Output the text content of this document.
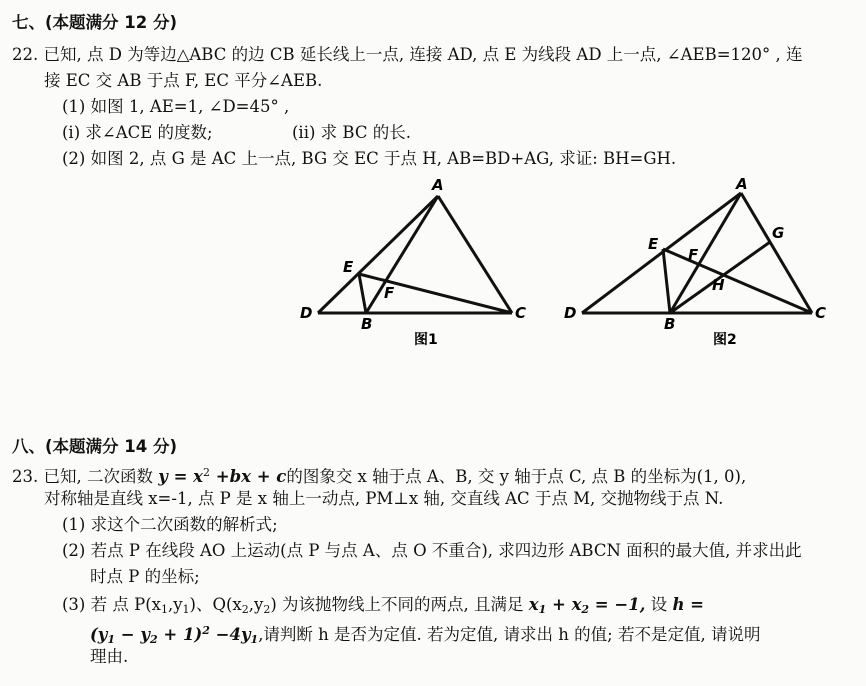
七、(本题满分 12 分)
22. 已知, 点 D 为等边△ABC 的边 CB 延长线上一点, 连接 AD, 点 E 为线段 AD 上一点, ∠AEB=120° , 连
接 EC 交 AB 于点 F, EC 平分∠AEB.
(1) 如图 1, AE=1, ∠D=45° ,
(i) 求∠ACE 的度数;	(ii) 求 BC 的长.
(2) 如图 2, 点 G 是 AC 上一点, BG 交 EC 于点 H, AB=BD+AG, 求证: BH=GH.
A
B
C
D
E
F
图1
A
B
C
D
E
F
G
H
图2
八、(本题满分 14 分)
23. 已知, 二次函数 $y = x^2 +bx + c$的图象交 x 轴于点 A、B, 交 y 轴于点 C, 点 B 的坐标为(1, 0),
对称轴是直线 x=-1, 点 P 是 x 轴上一动点, PM⊥x 轴, 交直线 AC 于点 M, 交抛物线于点 N.
(1) 求这个二次函数的解析式;
(2) 若点 P 在线段 AO 上运动(点 P 与点 A、点 O 不重合), 求四边形 ABCN 面积的最大值, 并求出此
时点 P 的坐标;
(3) 若 点 $P(x_1,y_1)$、$Q(x_2,y_2)$ 为该抛物线上不同的两点, 且满足 $x_1 + x_2 = -1$, 设 h =
$(y_1 - y_2 + 1)^2 -4y_1$,请判断 h 是否为定值. 若为定值, 请求出 h 的值; 若不是定值, 请说明
理由.
